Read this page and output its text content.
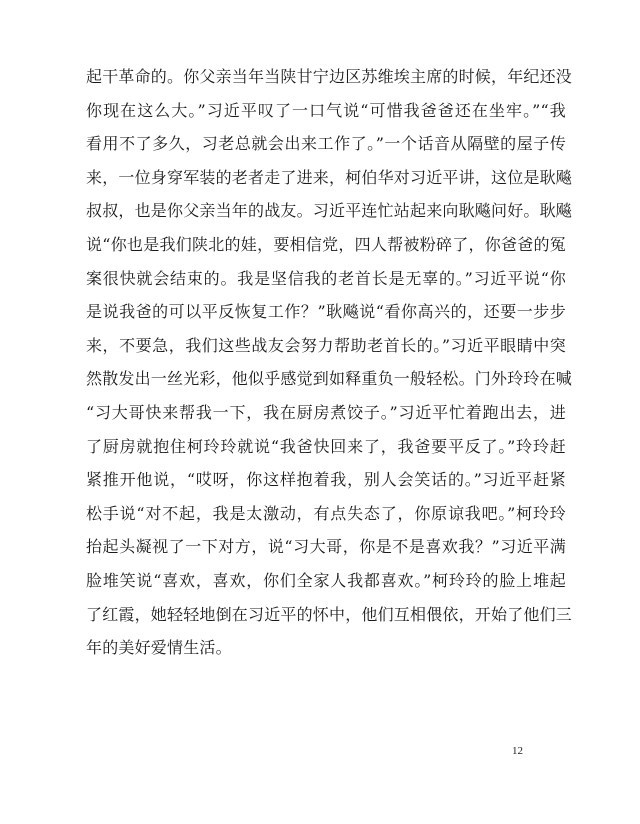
起干革命的。你父亲当年当陕甘宁边区苏维埃主席的时候，年纪还没
你现在这么大。”习近平叹了一口气说“可惜我爸爸还在坐牢。”“我
看用不了多久，习老总就会出来工作了。”一个话音从隔壁的屋子传
来，一位身穿军装的老者走了进来，柯伯华对习近平讲，这位是耿飚
叔叔，也是你父亲当年的战友。习近平连忙站起来向耿飚问好。耿飚
说“你也是我们陕北的娃，要相信党，四人帮被粉碎了，你爸爸的冤
案很快就会结束的。我是坚信我的老首长是无辜的。”习近平说“你
是说我爸的可以平反恢复工作？”耿飚说“看你高兴的，还要一步步
来，不要急，我们这些战友会努力帮助老首长的。”习近平眼睛中突
然散发出一丝光彩，他似乎感觉到如释重负一般轻松。门外玲玲在喊
“习大哥快来帮我一下，我在厨房煮饺子。”习近平忙着跑出去，进
了厨房就抱住柯玲玲就说“我爸快回来了，我爸要平反了。”玲玲赶
紧推开他说，“哎呀，你这样抱着我，别人会笑话的。”习近平赶紧
松手说“对不起，我是太激动，有点失态了，你原谅我吧。”柯玲玲
抬起头凝视了一下对方，说“习大哥，你是不是喜欢我？”习近平满
脸堆笑说“喜欢，喜欢，你们全家人我都喜欢。”柯玲玲的脸上堆起
了红霞，她轻轻地倒在习近平的怀中，他们互相偎依，开始了他们三
年的美好爱情生活。
12
